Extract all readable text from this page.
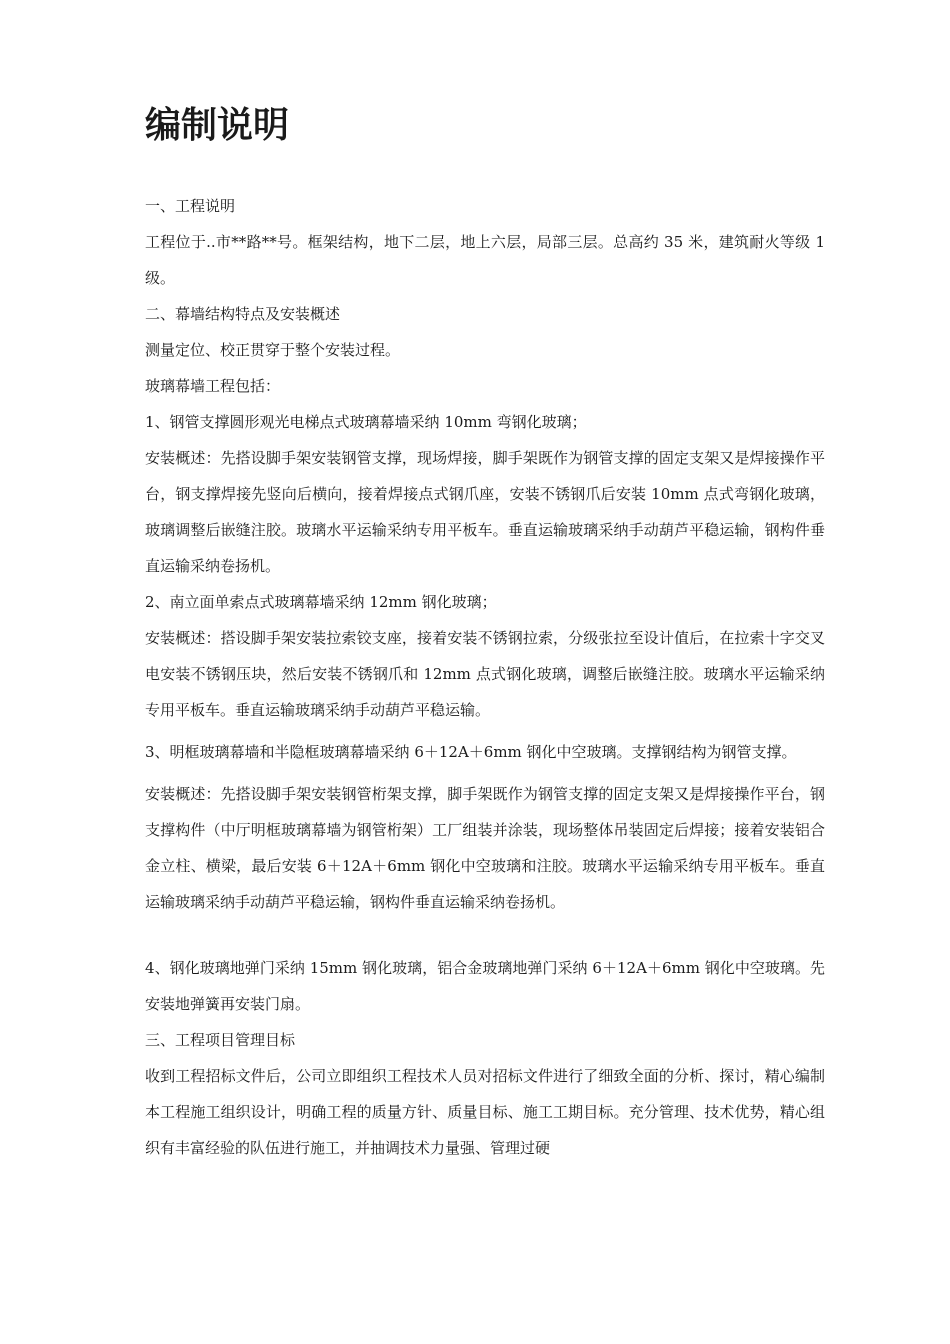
编制说明

一、工程说明

工程位于..市**路**号。框架结构，地下二层，地上六层，局部三层。总高约 35 米，建筑耐火等级 1 级。

二、幕墙结构特点及安装概述

测量定位、校正贯穿于整个安装过程。

玻璃幕墙工程包括：

1、钢管支撑圆形观光电梯点式玻璃幕墙采纳 10mm 弯钢化玻璃；

安装概述：先搭设脚手架安装钢管支撑，现场焊接，脚手架既作为钢管支撑的固定支架又是焊接操作平台，钢支撑焊接先竖向后横向，接着焊接点式钢爪座，安装不锈钢爪后安装 10mm 点式弯钢化玻璃，玻璃调整后嵌缝注胶。玻璃水平运输采纳专用平板车。垂直运输玻璃采纳手动葫芦平稳运输，钢构件垂直运输采纳卷扬机。

2、南立面单索点式玻璃幕墙采纳 12mm 钢化玻璃；

安装概述：搭设脚手架安装拉索铰支座，接着安装不锈钢拉索，分级张拉至设计值后，在拉索十字交叉电安装不锈钢压块，然后安装不锈钢爪和 12mm 点式钢化玻璃，调整后嵌缝注胶。玻璃水平运输采纳专用平板车。垂直运输玻璃采纳手动葫芦平稳运输。

3、明框玻璃幕墙和半隐框玻璃幕墙采纳 6＋12A＋6mm 钢化中空玻璃。支撑钢结构为钢管支撑。

安装概述：先搭设脚手架安装钢管桁架支撑，脚手架既作为钢管支撑的固定支架又是焊接操作平台，钢支撑构件（中厅明框玻璃幕墙为钢管桁架）工厂组装并涂装，现场整体吊装固定后焊接；接着安装铝合金立柱、横梁，最后安装 6＋12A＋6mm 钢化中空玻璃和注胶。玻璃水平运输采纳专用平板车。垂直运输玻璃采纳手动葫芦平稳运输，钢构件垂直运输采纳卷扬机。

4、钢化玻璃地弹门采纳 15mm 钢化玻璃，铝合金玻璃地弹门采纳 6＋12A＋6mm 钢化中空玻璃。先安装地弹簧再安装门扇。

三、工程项目管理目标

收到工程招标文件后，公司立即组织工程技术人员对招标文件进行了细致全面的分析、探讨，精心编制本工程施工组织设计，明确工程的质量方针、质量目标、施工工期目标。充分管理、技术优势，精心组织有丰富经验的队伍进行施工，并抽调技术力量强、管理过硬
